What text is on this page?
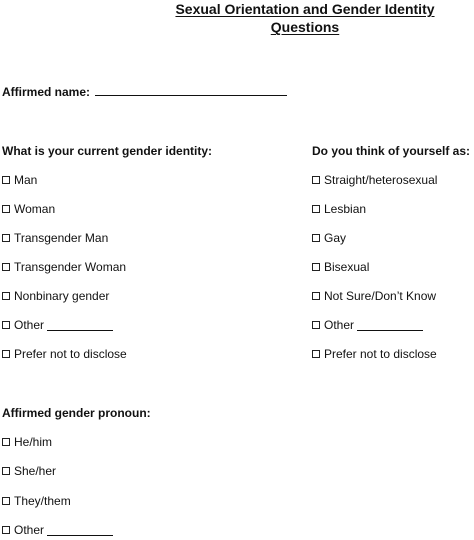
Sexual Orientation and Gender Identity
Questions
Affirmed name:
What is your current gender identity:
Man
Woman
Transgender Man
Transgender Woman
Nonbinary gender
Other
Prefer not to disclose
Do you think of yourself as:
Straight/heterosexual
Lesbian
Gay
Bisexual
Not Sure/Don’t Know
Other
Prefer not to disclose
Affirmed gender pronoun:
He/him
She/her
They/them
Other
